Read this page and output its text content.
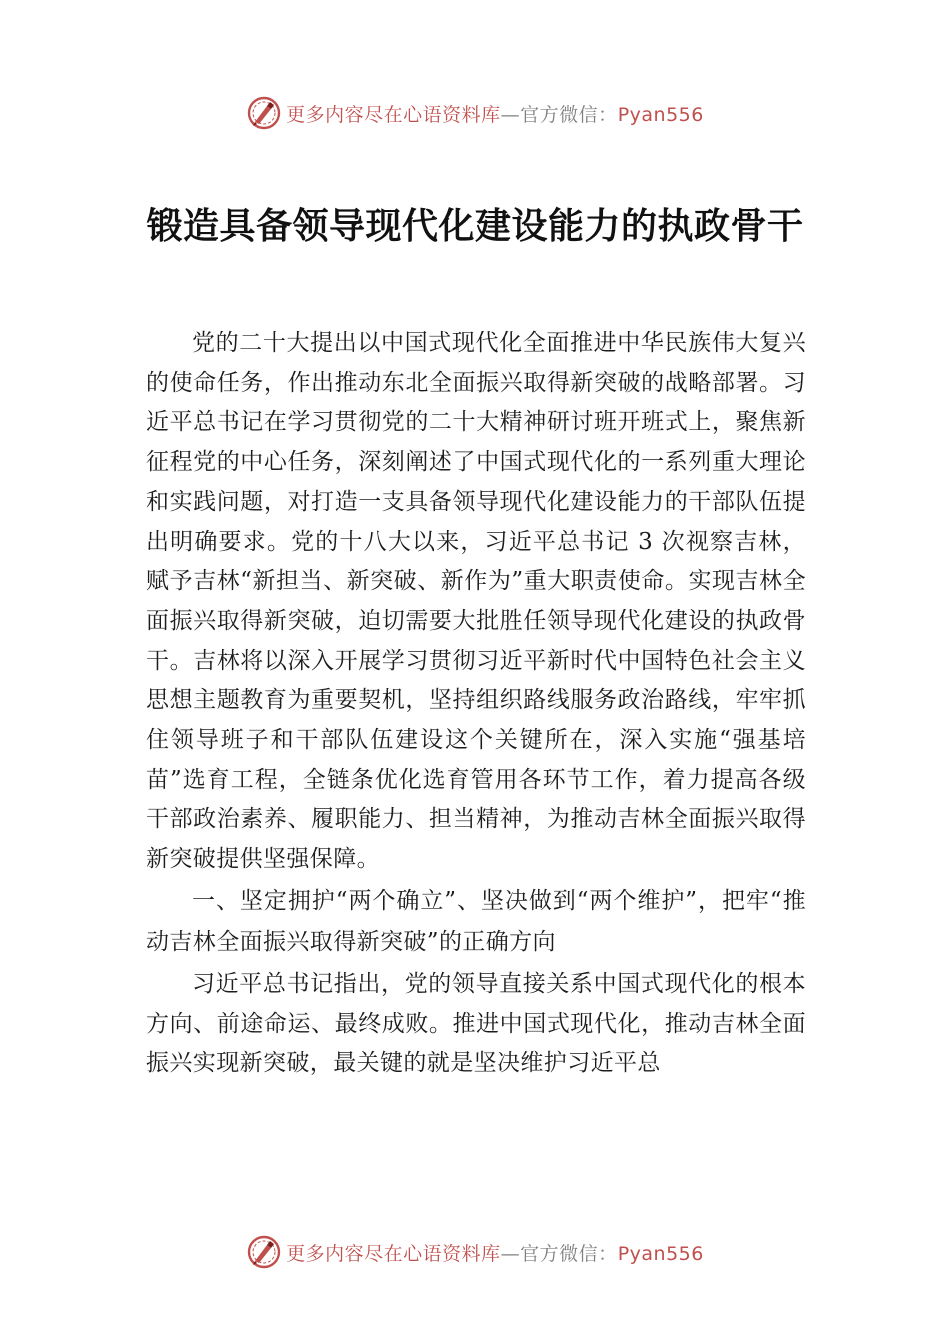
更多内容尽在心语资料库—官方微信：Pyan556
锻造具备领导现代化建设能力的执政骨干

党的二十大提出以中国式现代化全面推进中华民族伟大复兴的使命任务，作出推动东北全面振兴取得新突破的战略部署。习近平总书记在学习贯彻党的二十大精神研讨班开班式上，聚焦新征程党的中心任务，深刻阐述了中国式现代化的一系列重大理论和实践问题，对打造一支具备领导现代化建设能力的干部队伍提出明确要求。党的十八大以来，习近平总书记 3 次视察吉林，赋予吉林“新担当、新突破、新作为”重大职责使命。实现吉林全面振兴取得新突破，迫切需要大批胜任领导现代化建设的执政骨干。吉林将以深入开展学习贯彻习近平新时代中国特色社会主义思想主题教育为重要契机，坚持组织路线服务政治路线，牢牢抓住领导班子和干部队伍建设这个关键所在，深入实施“强基培苗”选育工程，全链条优化选育管用各环节工作，着力提高各级干部政治素养、履职能力、担当精神，为推动吉林全面振兴取得新突破提供坚强保障。

一、坚定拥护“两个确立”、坚决做到“两个维护”，把牢“推动吉林全面振兴取得新突破”的正确方向

习近平总书记指出，党的领导直接关系中国式现代化的根本方向、前途命运、最终成败。推进中国式现代化，推动吉林全面振兴实现新突破，最关键的就是坚决维护习近平总

更多内容尽在心语资料库—官方微信：Pyan556
